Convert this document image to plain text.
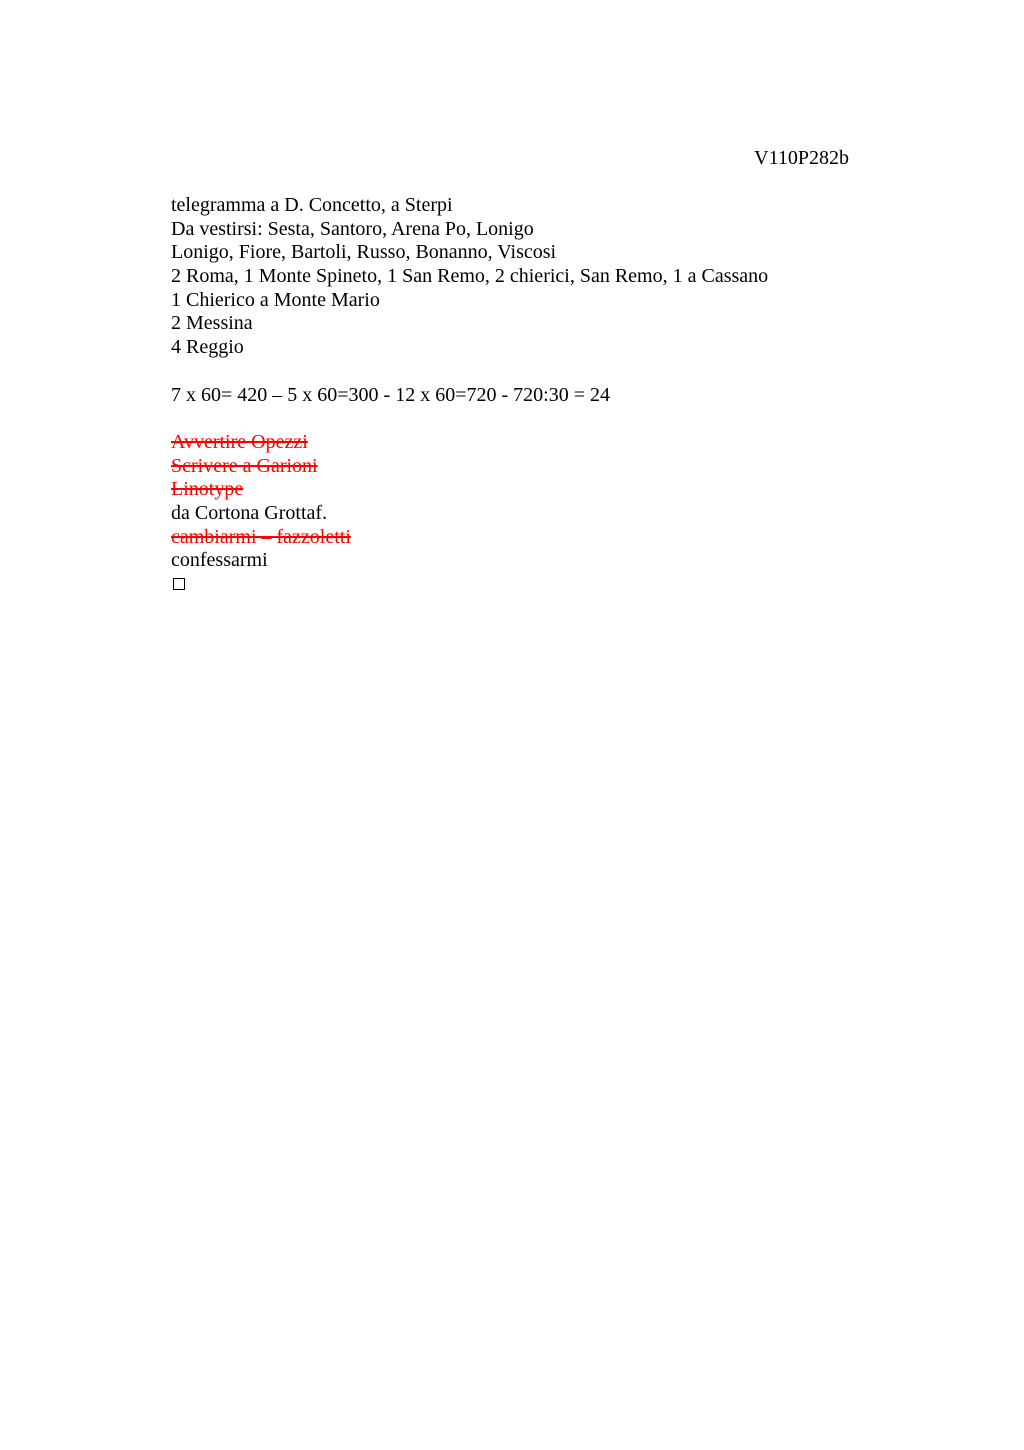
V110P282b
telegramma a D. Concetto, a Sterpi
Da vestirsi: Sesta, Santoro, Arena Po, Lonigo
Lonigo, Fiore, Bartoli, Russo, Bonanno, Viscosi
2 Roma, 1 Monte Spineto, 1 San Remo, 2 chierici, San Remo, 1 a Cassano
1 Chierico a Monte Mario
2 Messina
4 Reggio
7 x 60= 420 – 5 x 60=300 - 12 x 60=720 - 720:30 = 24
Avvertire Opezzi
Scrivere a Garioni
Linotype
da Cortona Grottaf.
cambiarmi – fazzoletti
confessarmi
